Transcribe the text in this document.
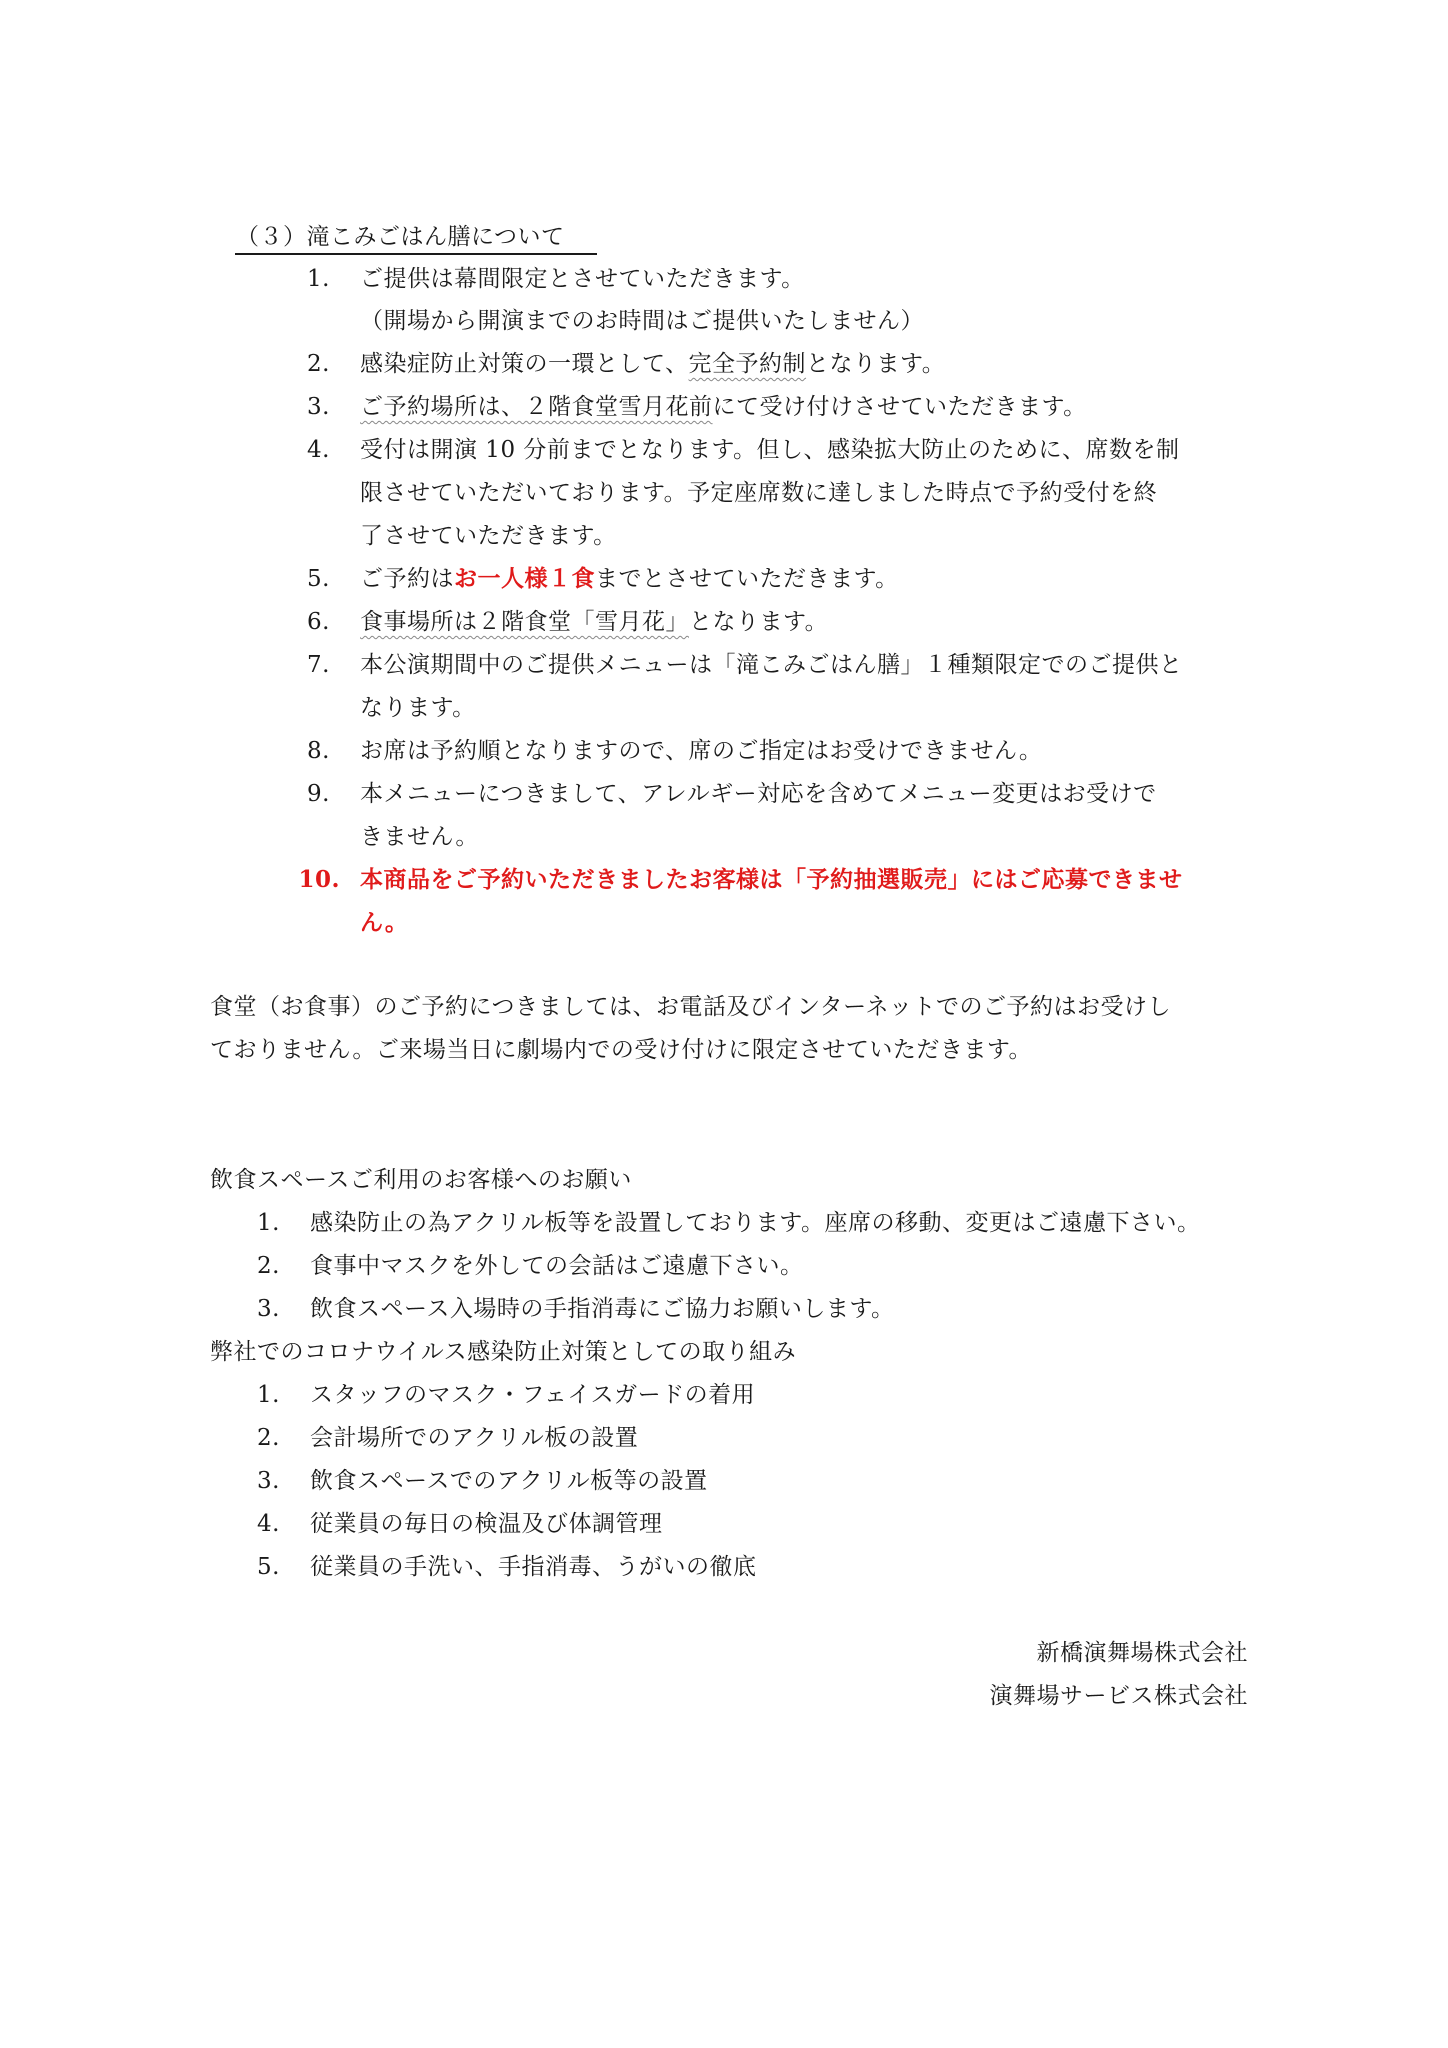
（３）滝こみごはん膳について
1. ご提供は幕間限定とさせていただきます。
（開場から開演までのお時間はご提供いたしません）
2. 感染症防止対策の一環として、完全予約制となります。
3. ご予約場所は、２階食堂雪月花前にて受け付けさせていただきます。
4. 受付は開演 10 分前までとなります。但し、感染拡大防止のために、席数を制
限させていただいております。予定座席数に達しました時点で予約受付を終
了させていただきます。
5. ご予約はお一人様１食までとさせていただきます。
6. 食事場所は２階食堂「雪月花」となります。
7. 本公演期間中のご提供メニューは「滝こみごはん膳」１種類限定でのご提供と
なります。
8. お席は予約順となりますので、席のご指定はお受けできません。
9. 本メニューにつきまして、アレルギー対応を含めてメニュー変更はお受けで
きません。
10. 本商品をご予約いただきましたお客様は「予約抽選販売」にはご応募できませ
ん。
食堂（お食事）のご予約につきましては、お電話及びインターネットでのご予約はお受けし
ておりません。ご来場当日に劇場内での受け付けに限定させていただきます。
飲食スペースご利用のお客様へのお願い
1. 感染防止の為アクリル板等を設置しております。座席の移動、変更はご遠慮下さい。
2. 食事中マスクを外しての会話はご遠慮下さい。
3. 飲食スペース入場時の手指消毒にご協力お願いします。
弊社でのコロナウイルス感染防止対策としての取り組み
1. スタッフのマスク・フェイスガードの着用
2. 会計場所でのアクリル板の設置
3. 飲食スペースでのアクリル板等の設置
4. 従業員の毎日の検温及び体調管理
5. 従業員の手洗い、手指消毒、うがいの徹底
新橋演舞場株式会社
演舞場サービス株式会社
